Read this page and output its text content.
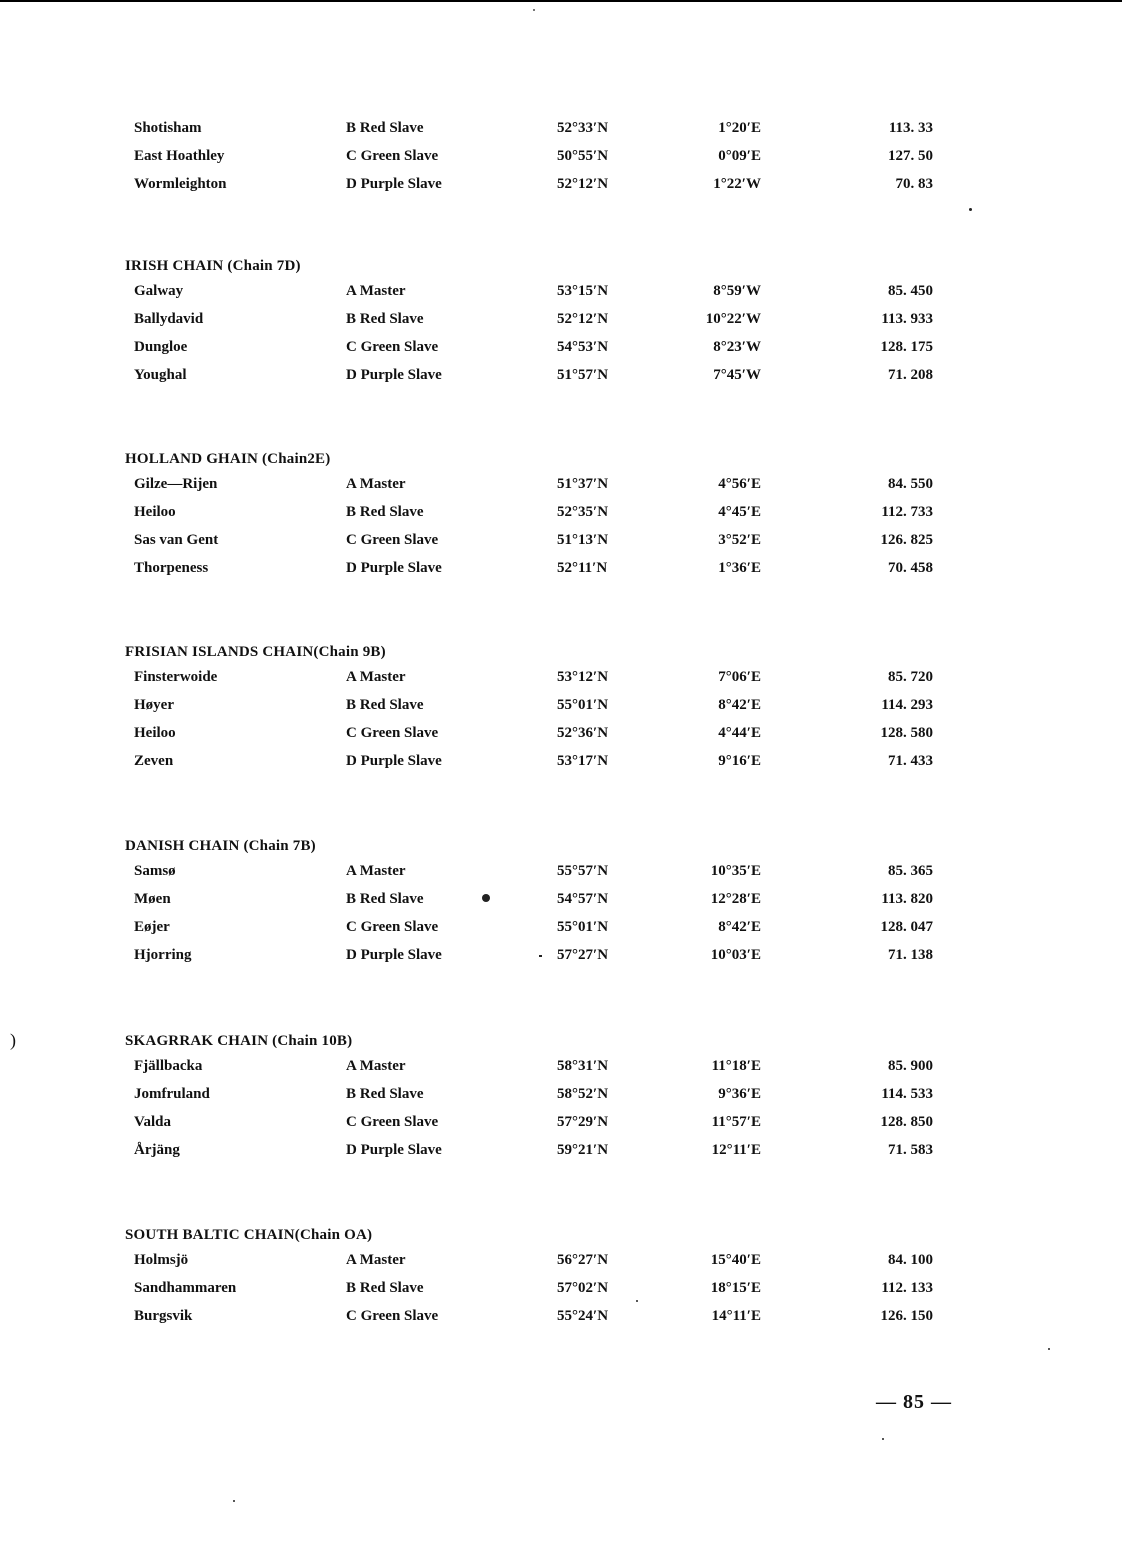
Shotisham	B Red Slave	52°33′N	1°20′E	113. 33
East Hoathley	C Green Slave	50°55′N	0°09′E	127. 50
Wormleighton	D Purple Slave	52°12′N	1°22′W	70. 83
IRISH CHAIN (Chain 7D)
Galway	A Master	53°15′N	8°59′W	85. 450
Ballydavid	B Red Slave	52°12′N	10°22′W	113. 933
Dungloe	C Green Slave	54°53′N	8°23′W	128. 175
Youghal	D Purple Slave	51°57′N	7°45′W	71. 208
HOLLAND GHAIN (Chain2E)
Gilze—Rijen	A Master	51°37′N	4°56′E	84. 550
Heiloo	B Red Slave	52°35′N	4°45′E	112. 733
Sas van Gent	C Green Slave	51°13′N	3°52′E	126. 825
Thorpeness	D Purple Slave	52°11′N	1°36′E	70. 458
FRISIAN ISLANDS CHAIN(Chain 9B)
Finsterwoide	A Master	53°12′N	7°06′E	85. 720
Høyer	B Red Slave	55°01′N	8°42′E	114. 293
Heiloo	C Green Slave	52°36′N	4°44′E	128. 580
Zeven	D Purple Slave	53°17′N	9°16′E	71. 433
DANISH CHAIN (Chain 7B)
Samsø	A Master	55°57′N	10°35′E	85. 365
Møen	B Red Slave	54°57′N	12°28′E	113. 820
Eøjer	C Green Slave	55°01′N	8°42′E	128. 047
Hjorring	D Purple Slave	57°27′N	10°03′E	71. 138
SKAGRRAK CHAIN (Chain 10B)
Fjällbacka	A Master	58°31′N	11°18′E	85. 900
Jomfruland	B Red Slave	58°52′N	9°36′E	114. 533
Valda	C Green Slave	57°29′N	11°57′E	128. 850
Årjäng	D Purple Slave	59°21′N	12°11′E	71. 583
SOUTH BALTIC CHAIN(Chain OA)
Holmsjö	A Master	56°27′N	15°40′E	84. 100
Sandhammaren	B Red Slave	57°02′N	18°15′E	112. 133
Burgsvik	C Green Slave	55°24′N	14°11′E	126. 150
)
— 85 —
